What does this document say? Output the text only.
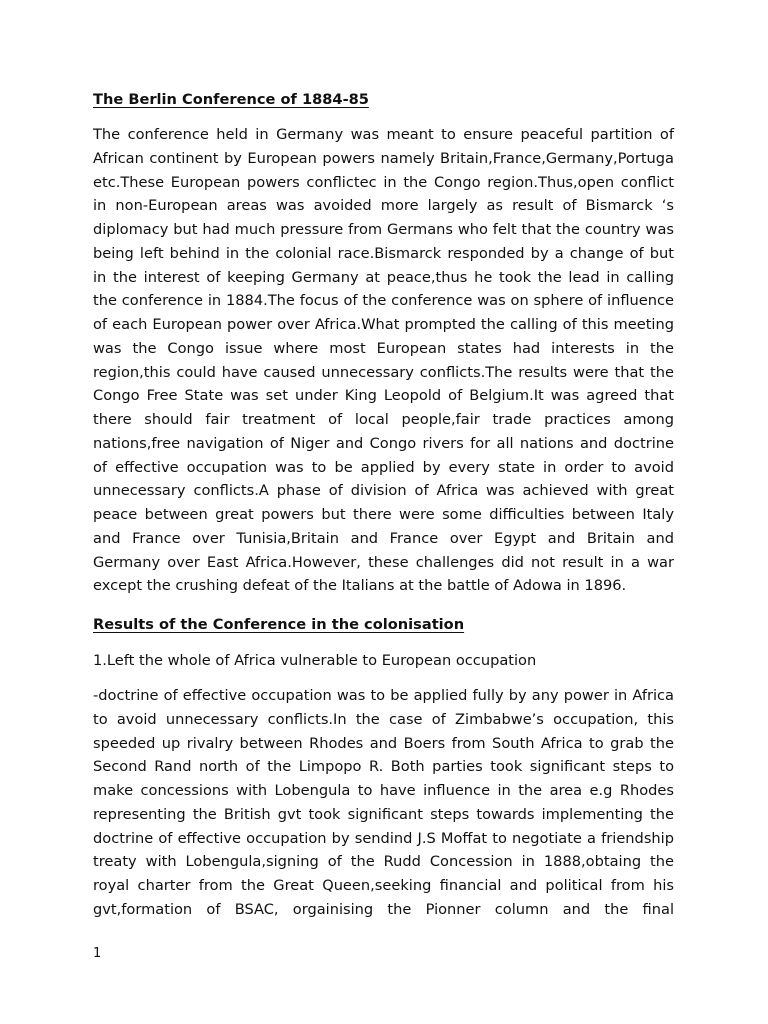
The Berlin Conference of 1884-85
The conference held in Germany was meant to ensure peaceful partition of African continent by European powers namely Britain,France,Germany,Portuga etc.These European powers conflictec in the Congo region.Thus,open conflict in non-European areas was avoided more largely as result of Bismarck ‘s diplomacy but had much pressure from Germans who felt that the country was being left behind in the colonial race.Bismarck responded by a change of but in the interest of keeping Germany at peace,thus he took the lead in calling the conference in 1884.The focus of the conference was on sphere of influence of each European power over Africa.What prompted the calling of this meeting was the Congo issue where most European states had interests in the region,this could have caused unnecessary conflicts.The results were that the Congo Free State was set under King Leopold of Belgium.It was agreed that there should fair treatment of local people,fair trade practices among nations,free navigation of Niger and Congo rivers for all nations and doctrine of effective occupation was to be applied by every state in order to avoid unnecessary conflicts.A phase of division of Africa was achieved with great peace between great powers but there were some difficulties between Italy and France over Tunisia,Britain and France over Egypt and Britain and Germany over East Africa.However, these challenges did not result in a war except the crushing defeat of the Italians at the battle of Adowa in 1896.
Results of the Conference in the colonisation
1.Left the whole of Africa vulnerable to European occupation
-doctrine of effective occupation was to be applied fully by any power in Africa to avoid unnecessary conflicts.In the case of Zimbabwe’s occupation, this speeded up rivalry between Rhodes and Boers from South Africa to grab the Second Rand north of the Limpopo R. Both parties took significant steps to make concessions with Lobengula to have influence in the area e.g Rhodes representing the British gvt took significant steps towards implementing the doctrine of effective occupation by sendind J.S Moffat to negotiate a friendship treaty with Lobengula,signing of the Rudd Concession in 1888,obtaing the royal charter from the Great Queen,seeking financial and political from his gvt,formation of BSAC, orgainising the Pionner column and the final
1
